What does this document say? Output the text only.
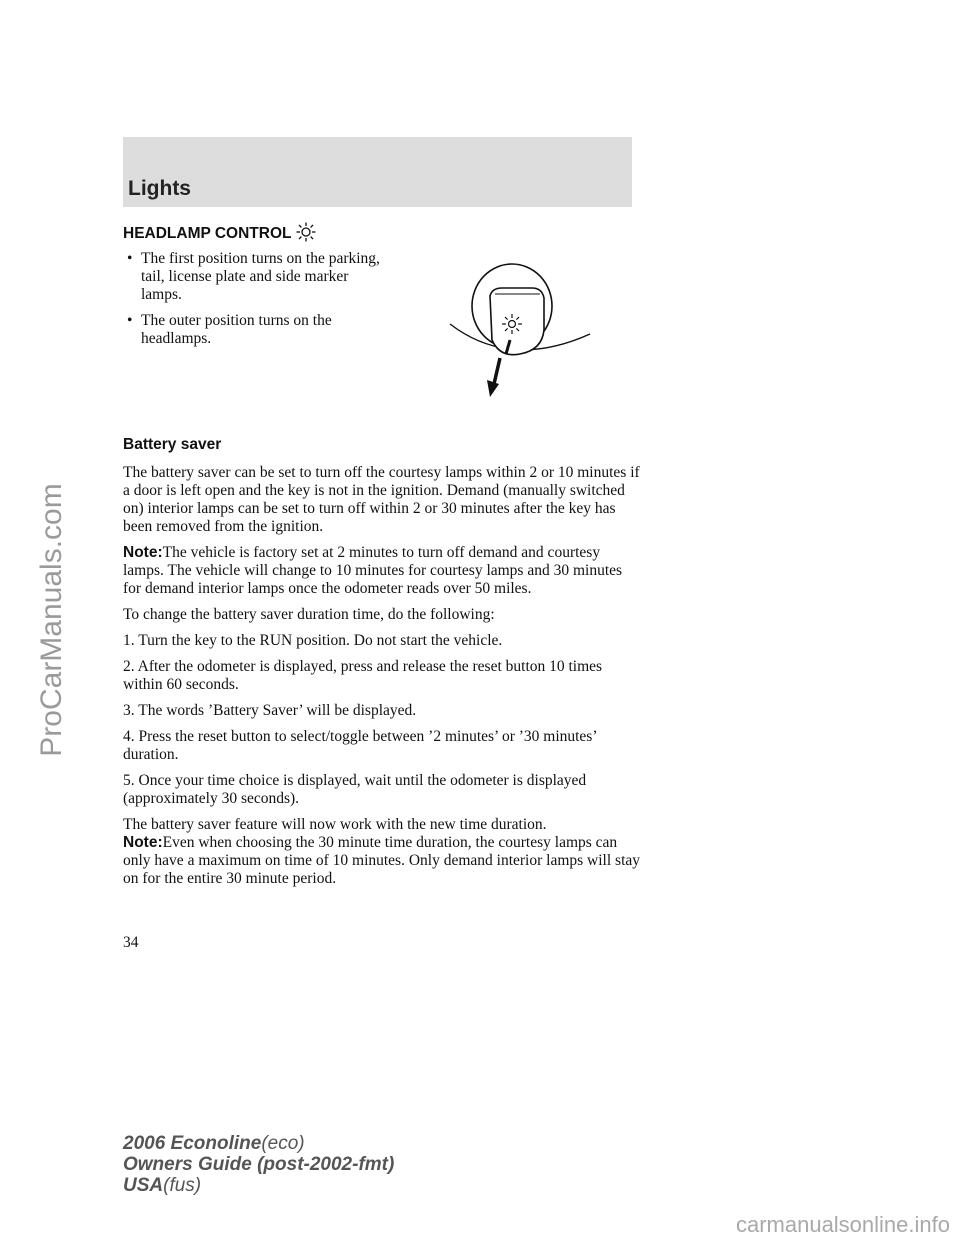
Lights
HEADLAMP CONTROL
• The first position turns on the parking, tail, license plate and side marker lamps.
• The outer position turns on the headlamps.
Battery saver

The battery saver can be set to turn off the courtesy lamps within 2 or 10 minutes if a door is left open and the key is not in the ignition. Demand (manually switched on) interior lamps can be set to turn off within 2 or 30 minutes after the key has been removed from the ignition.

Note:The vehicle is factory set at 2 minutes to turn off demand and courtesy lamps. The vehicle will change to 10 minutes for courtesy lamps and 30 minutes for demand interior lamps once the odometer reads over 50 miles.

To change the battery saver duration time, do the following:

1. Turn the key to the RUN position. Do not start the vehicle.

2. After the odometer is displayed, press and release the reset button 10 times within 60 seconds.

3. The words ’Battery Saver’ will be displayed.

4. Press the reset button to select/toggle between ’2 minutes’ or ’30 minutes’ duration.

5. Once your time choice is displayed, wait until the odometer is displayed (approximately 30 seconds).

The battery saver feature will now work with the new time duration.

Note:Even when choosing the 30 minute time duration, the courtesy lamps can only have a maximum on time of 10 minutes. Only demand interior lamps will stay on for the entire 30 minute period.

34
2006 Econoline(eco)
Owners Guide (post-2002-fmt)
USA(fus)
ProCarManuals.com
carmanualsonline.info
